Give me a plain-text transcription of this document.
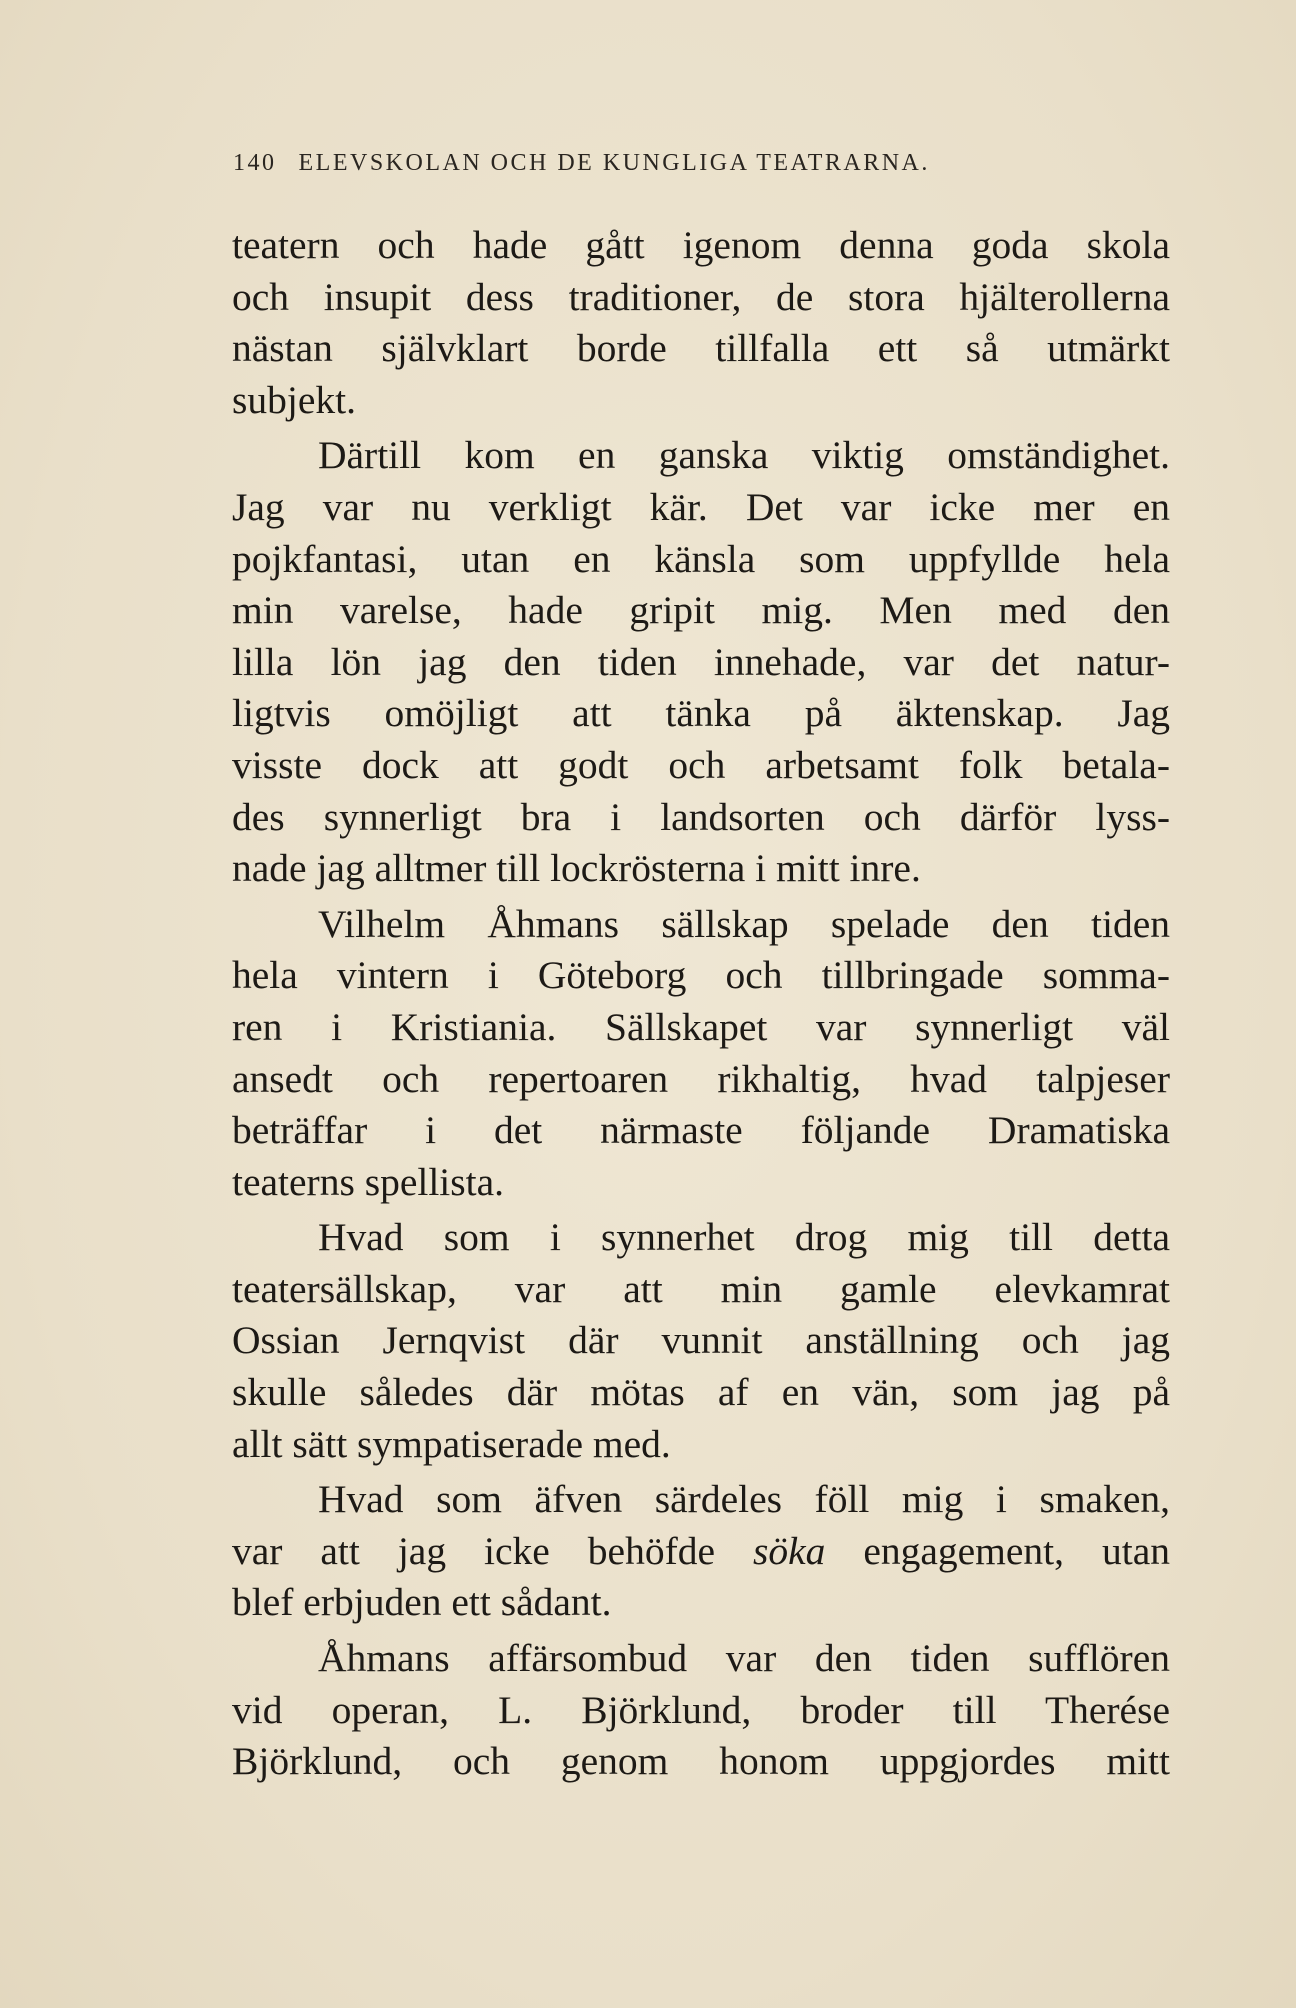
140 ELEVSKOLAN OCH DE KUNGLIGA TEATRARNA.
teatern och hade gått igenom denna goda skola
och insupit dess traditioner, de stora hjälterollerna
nästan självklart borde tillfalla ett så utmärkt
subjekt.
Därtill kom en ganska viktig omständighet.
Jag var nu verkligt kär. Det var icke mer en
pojkfantasi, utan en känsla som uppfyllde hela
min varelse, hade gripit mig. Men med den
lilla lön jag den tiden innehade, var det natur-
ligtvis omöjligt att tänka på äktenskap. Jag
visste dock att godt och arbetsamt folk betala-
des synnerligt bra i landsorten och därför lyss-
nade jag alltmer till lockrösterna i mitt inre.
Vilhelm Åhmans sällskap spelade den tiden
hela vintern i Göteborg och tillbringade somma-
ren i Kristiania. Sällskapet var synnerligt väl
ansedt och repertoaren rikhaltig, hvad talpjeser
beträffar i det närmaste följande Dramatiska
teaterns spellista.
Hvad som i synnerhet drog mig till detta
teatersällskap, var att min gamle elevkamrat
Ossian Jernqvist där vunnit anställning och jag
skulle således där mötas af en vän, som jag på
allt sätt sympatiserade med.
Hvad som äfven särdeles föll mig i smaken,
var att jag icke behöfde söka engagement, utan
blef erbjuden ett sådant.
Åhmans affärsombud var den tiden sufflören
vid operan, L. Björklund, broder till Therése
Björklund, och genom honom uppgjordes mitt
